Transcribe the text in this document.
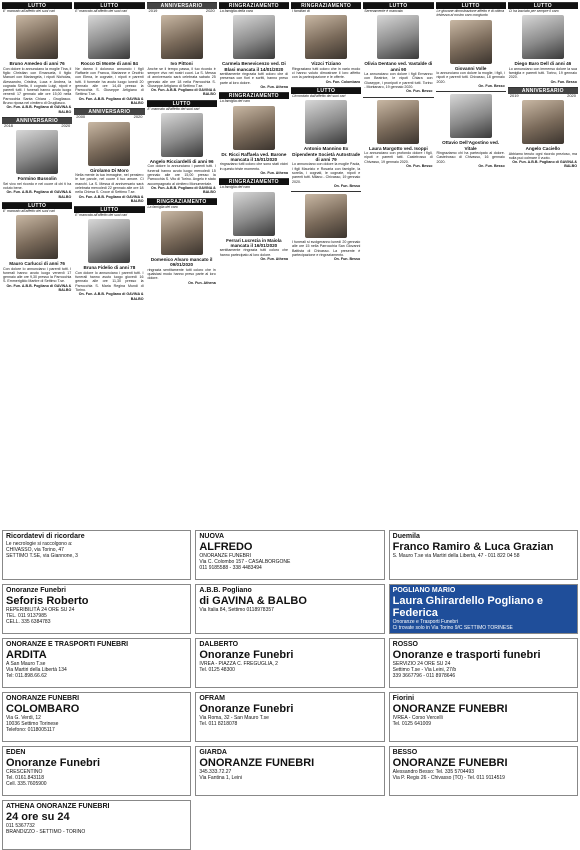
LUTTO
E' mancato all'affetto dei suoi cari
Bruno Amedeo di anni 76
Con dolore lo annunciano la moglie Tina, il figlio Christian con Emanuela, il figlio Manuel con Mariangela, i nipoti Nicholas, Alessandro, Cristina, Luca e Andrea, la cognata Sirelta, il cognato Luigi, nipoti e parenti tutti. I funerali hanno avuto luogo venerdì 17 gennaio alle ore 15,00 nella Parrocchia Santa Chiara - Grugliasco. Bruno riposa nel cimitero di Grugliasco.
On. Fun. A.B.B. Pogliano di GAVINA & BALBO
ANNIVERSARIO
2018	2020
Formino Bussolin
Sei vivo nel ricordo e nel cuore di chi ti ha voluto bene.
On. Fun. A.B.B. Pogliano di GAVINA & BALBO
LUTTO
E' mancato all'affetto dei suoi cari
Mauro Carlucci di anni 76
Con dolore lo annunciano i parenti tutti. I funerali hanno avuto luogo venerdì 17 gennaio alle ore 9,30 presso la Parrocchia S. Emmerigildo Martire di Settimo T.se.
On. Fun. A.B.B. Pogliano di GAVINA & BALBO
LUTTO
E' mancato all'affetto dei suoi cari
Rocco Di Monte di anni 84
Ne danno il doloroso annuncio i figli Raffaele con Franca, Marianne e Onofrio con Elena, le cognate, i nipoti e parenti tutti. Il funerale ha avuto luogo lunedì 20 gennaio alle ore 14,45 presso la Parrocchia S. Giuseppe Artigiano di Settimo T.se.
On. Fun. A.B.B. Pogliano di GAVINA & BALBO
ANNIVERSARIO
2000	2020
Girolamo Di Moro
Nella mente la tua immagine, nel pensiero le tue parole, nel cuore il tuo amore. Ci manchi. La S. Messa di anniversario sarà celebrata mercoledì 22 gennaio alle ore 18 nella Chiesa S. Croce di Settimo T.se.
On. Fun. A.B.B. Pogliano di GAVINA & BALBO
LUTTO
E' mancata all'affetto dei suoi cari
Bruna Fidelio di anni 78
Con dolore lo annunciano i parenti tutti. I funerali hanno avuto luogo giovedì 16 gennaio alle ore 11,30 presso la Parrocchia S. Maria Regina Mundi di Torino.
On. Fun. A.B.B. Pogliano di GAVINA & BALBO
ANNIVERSARIO
2019	2020
Ivo Pittoni
Anche se il tempo passa, il tuo ricordo è sempre vivo nei nostri cuori. La S. Messa di anniversario sarà celebrata sabato 25 gennaio alle ore 18 nella Parrocchia S. Giuseppe Artigiano di Settimo T.se.
On. Fun. A.B.B. Pogliano di GAVINA & BALBO
LUTTO
E' mancato all'affetto dei suoi cari
Angelo Ricciardelli di anni 96
Con dolore lo annunciano i parenti tutti. I funerali hanno avuto luogo mercoledì 15 gennaio alle ore 15,00 presso la Parrocchia S. Vito di Torino. Angelo è stato accompagnato al cimitero Monumentale.
On. Fun. A.B.B. Pogliano di GAVINA & BALBO
RINGRAZIAMENTO
La famiglia del caro
Domenico Alvaro mancato il 09/01/2020
ringrazia sentitamente tutti coloro che in qualsiasi modo hanno preso parte al loro dolore.
On. Fun. Athena
RINGRAZIAMENTO
La famiglia della cara
Carmela Benevicenzo ved. Di Blasi mancata il 14/01/2020
sentitamente ringrazia tutti coloro che di presenza con fiori e scritti, hanno preso parte al loro dolore.
On. Fun. Athena
RINGRAZIAMENTO
La famiglia del caro
Dr. Ricci Raffaela ved. Barone mancata il 15/01/2020
ringraziano tutti coloro che sono stati vicini in questo triste momento.
On. Fun. Athena
RINGRAZIAMENTO
La famiglia del caro
Ferrari Lucrezia in Maiola mancata il 16/01/2020
sentitamente ringrazia tutti coloro che hanno partecipato al loro dolore.
On. Fun. Athena
RINGRAZIAMENTO
I familiari di
Vizzci Tiziano
Ringraziano tutti coloro che in vario modo ci hanno voluto dimostrare il loro affetto con la partecipazione e le offerte.
On. Fun. Colombaro
LUTTO
Circondato dall'affetto dei suoi cari
Antonio Mannino Ex Dipendente Società Autostrade di anni 79
Lo annunciano con dolore la moglie Paola, i figli Maurizio e Rosaria con famiglie, la sorella, i cognati, le cognate, nipoti e parenti tutti. Milano - Chivasso, 19 gennaio 2020.
On. Fun. Besso
I funerali si svolgeranno lunedì 20 gennaio alle ore 15 nella Parrocchia San Giovanni Battista di Chivasso. La presente è partecipazione e ringraziamento.
On. Fun. Besso
LUTTO
Serenamente è mancata
Olivia Dentano ved. Vastalde di anni 90
La annunciano con dolore i figli Ermanno con Beatrice, le nipoti Chiara con Giuseppe, i pronipoti e parenti tutti. Torino - Montanaro, 19 gennaio 2020.
On. Fun. Besso
Laura Margotto ved. Isoppi
Lo annunciano con profondo dolore i figli, nipoti e parenti tutti. Castelrosso di Chivasso, 19 gennaio 2020.
On. Fun. Besso
LUTTO
Le giovane dimostrazione affetto è di ottima tristezza al nostro caro congiunto
Giovanni Volle
lo annunciano con dolore la moglie, i figli, i nipoti e parenti tutti. Chivasso, 18 gennaio 2020.
On. Fun. Besso
Ottavio Dell'Agostino ved. Vitale
Ringraziamo chi ha partecipato al dolore. Castelrosso di Chivasso, 16 gennaio 2020.
On. Fun. Besso
LUTTO
Ci ha lasciato per sempre il caro
Diego Baro Dell di anni 46
Lo annunciano con immenso dolore la sua famiglia e parenti tutti. Torino, 19 gennaio 2020.
On. Fun. Besso
ANNIVERSARIO
2019	2020
Angelo Caciello
Abbiamo tenuto ogni ricordo prezioso, ma nulla può colmare il vuoto.
On. Fun. A.B.B. Pogliano di GAVINA & BALBO
Ricordatevi di ricordare
Le necrologie si raccolgono a:
CHIVASSO, via Torino, 47
SETTIMO T.SE, via Giannone, 3
NUOVA
ALFREDO
ONORANZE FUNEBRI
Via C. Colombo 157 - CASALBORGONE
011 9185588 - 338 4483494
Duemila
Franco Ramiro & Luca Grazian
S. Mauro T.se via Martiri della Libertà, 47 - 011 822 04 58
Onoranze Funebri
Seforis Roberto
REPERIBILITÀ 24 ORE SU 24
TEL. 011 9137985
CELL. 335 6384783
A.B.B. Pogliano
di GAVINA & BALBO
Via Italia 84, Settimo 0118978357
POGLIANO MARIO
Laura Ghirardello Pogliano e Federica
Onoranze e Trasporti Funebri
Ci trovate solo in Via Torino 9/C SETTIMO TORINESE
ONORANZE E TRASPORTI FUNEBRI
ARDITA
A San Mauro T.se
Via Martiri della Libertà 134
Tel: 011.898.66.62
DALBERTO
Onoranze Funebri
IVREA - PIAZZA C. FREGUGLIA, 2
Tel. 0125 48300
ROSSO
Onoranze e trasporti funebri
SERVIZIO 24 ORE SU 24
Settimo T.se - Via Leini, 27/b
339 3667796 - 011 8978646
ONORANZE FUNEBRI
COLOMBARO
Via G. Verdi, 12
10036 Settimo Torinese
Telefono: 0118005117
OFRAM
Onoranze Funebri
Via Roma, 32 - San Mauro T.se
Tel. 011 8218078
Fiorini
ONORANZE FUNEBRI
IVREA - Corso Vercelli
Tel. 0125 641009
EDEN
Onoranze Funebri
CRESCENTINO
Tel. 0161.843118
Cell. 335.7605900
GIARDA
ONORANZE FUNEBRI
345.333.72.27
Via Fantina 1, Leini
BESSO
ONORANZE FUNEBRI
Alessandro Besso: Tel. 335 5704493
Via P. Regis 26 - Chivasso (TO) - Tel. 011 9114519
ATHENA ONORANZE FUNEBRI
24 ore su 24
011 5367732
BRANDIZZO - SETTIMO - TORINO
